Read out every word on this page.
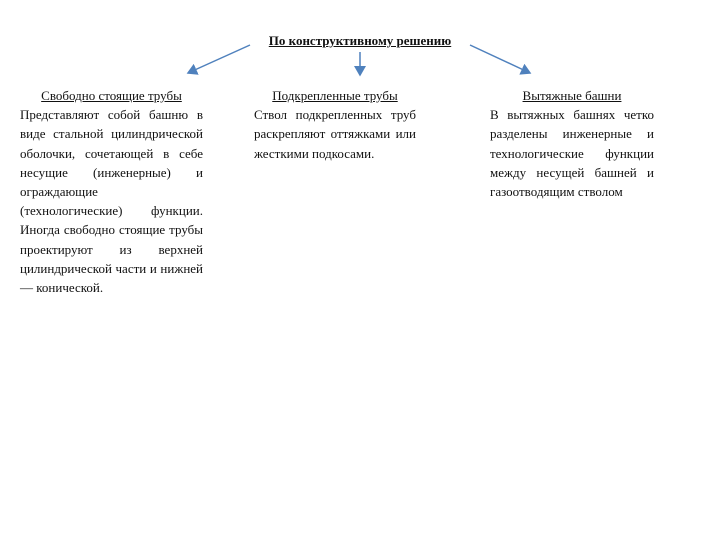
По конструктивному решению
Свободно стоящие трубы
Представляют собой башню в виде стальной цилиндрической оболочки, сочетающей в себе несущие (инженерные) и ограждающие (технологические) функции. Иногда свободно стоящие трубы проектируют из верхней цилиндрической части и нижней — конической.
Подкрепленные трубы
Ствол подкрепленных труб раскрепляют оттяжками или жесткими подкосами.
Вытяжные башни
В вытяжных башнях четко разделены инженерные и технологические функции между несущей башней и газоотводящим стволом
